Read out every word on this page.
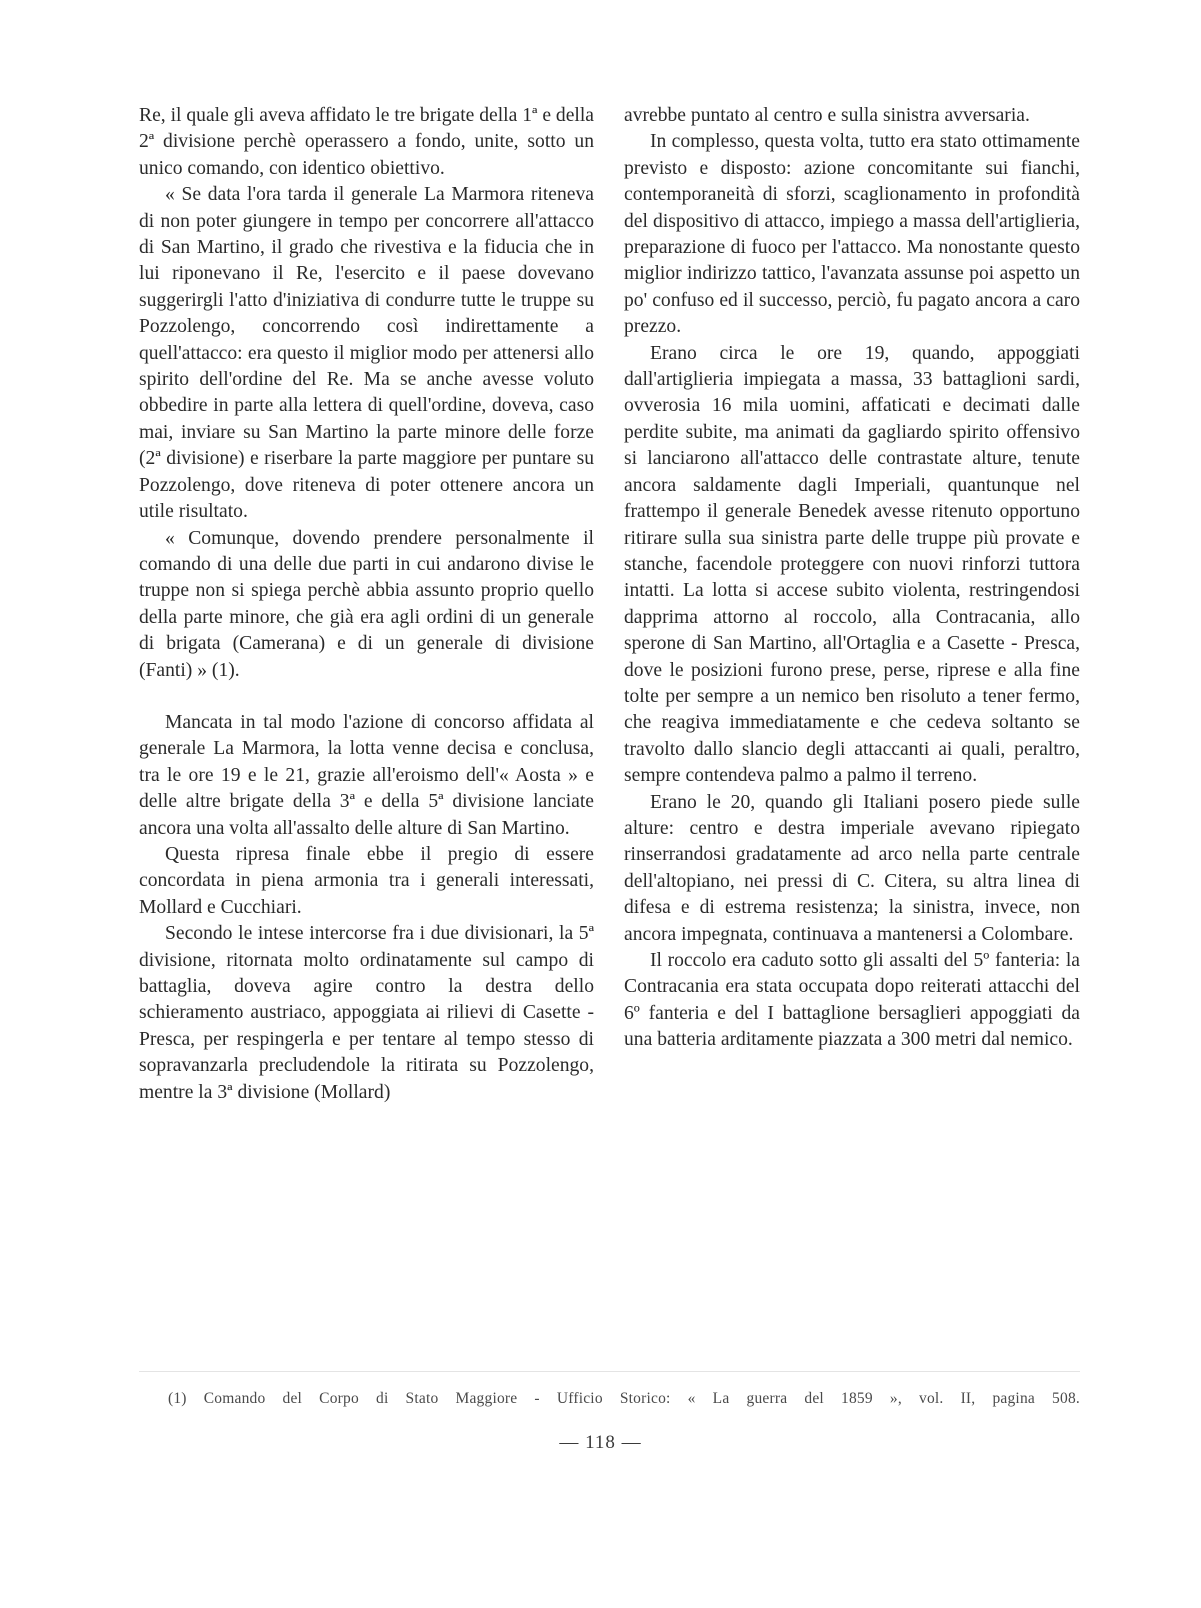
Re, il quale gli aveva affidato le tre brigate della 1ª e della 2ª divisione perchè operassero a fondo, unite, sotto un unico comando, con identico obiettivo.

« Se data l'ora tarda il generale La Marmora riteneva di non poter giungere in tempo per concorrere all'attacco di San Martino, il grado che rivestiva e la fiducia che in lui riponevano il Re, l'esercito e il paese dovevano suggerirgli l'atto d'iniziativa di condurre tutte le truppe su Pozzolengo, concorrendo così indirettamente a quell'attacco: era questo il miglior modo per attenersi allo spirito dell'ordine del Re. Ma se anche avesse voluto obbedire in parte alla lettera di quell'ordine, doveva, caso mai, inviare su San Martino la parte minore delle forze (2ª divisione) e riserbare la parte maggiore per puntare su Pozzolengo, dove riteneva di poter ottenere ancora un utile risultato.

« Comunque, dovendo prendere personalmente il comando di una delle due parti in cui andarono divise le truppe non si spiega perchè abbia assunto proprio quello della parte minore, che già era agli ordini di un generale di brigata (Camerana) e di un generale di divisione (Fanti) » (1).

Mancata in tal modo l'azione di concorso affidata al generale La Marmora, la lotta venne decisa e conclusa, tra le ore 19 e le 21, grazie all'eroismo dell'« Aosta » e delle altre brigate della 3ª e della 5ª divisione lanciate ancora una volta all'assalto delle alture di San Martino.

Questa ripresa finale ebbe il pregio di essere concordata in piena armonia tra i generali interessati, Mollard e Cucchiari.

Secondo le intese intercorse fra i due divisionari, la 5ª divisione, ritornata molto ordinatamente sul campo di battaglia, doveva agire contro la destra dello schieramento austriaco, appoggiata ai rilievi di Casette - Presca, per respingerla e per tentare al tempo stesso di sopravanzarla precludendole la ritirata su Pozzolengo, mentre la 3ª divisione (Mollard)

avrebbe puntato al centro e sulla sinistra avversaria.

In complesso, questa volta, tutto era stato ottimamente previsto e disposto: azione concomitante sui fianchi, contemporaneità di sforzi, scaglionamento in profondità del dispositivo di attacco, impiego a massa dell'artiglieria, preparazione di fuoco per l'attacco. Ma nonostante questo miglior indirizzo tattico, l'avanzata assunse poi aspetto un po' confuso ed il successo, perciò, fu pagato ancora a caro prezzo.

Erano circa le ore 19, quando, appoggiati dall'artiglieria impiegata a massa, 33 battaglioni sardi, ovverosia 16 mila uomini, affaticati e decimati dalle perdite subite, ma animati da gagliardo spirito offensivo si lanciarono all'attacco delle contrastate alture, tenute ancora saldamente dagli Imperiali, quantunque nel frattempo il generale Benedek avesse ritenuto opportuno ritirare sulla sua sinistra parte delle truppe più provate e stanche, facendole proteggere con nuovi rinforzi tuttora intatti. La lotta si accese subito violenta, restringendosi dapprima attorno al roccolo, alla Contracania, allo sperone di San Martino, all'Ortaglia e a Casette - Presca, dove le posizioni furono prese, perse, riprese e alla fine tolte per sempre a un nemico ben risoluto a tener fermo, che reagiva immediatamente e che cedeva soltanto se travolto dallo slancio degli attaccanti ai quali, peraltro, sempre contendeva palmo a palmo il terreno.

Erano le 20, quando gli Italiani posero piede sulle alture: centro e destra imperiale avevano ripiegato rinserrandosi gradatamente ad arco nella parte centrale dell'altopiano, nei pressi di C. Citera, su altra linea di difesa e di estrema resistenza; la sinistra, invece, non ancora impegnata, continuava a mantenersi a Colombare.

Il roccolo era caduto sotto gli assalti del 5º fanteria: la Contracania era stata occupata dopo reiterati attacchi del 6º fanteria e del I battaglione bersaglieri appoggiati da una batteria arditamente piazzata a 300 metri dal nemico.

(1) Comando del Corpo di Stato Maggiore - Ufficio Storico: « La guerra del 1859 », vol. II, pagina 508.
— 118 —
